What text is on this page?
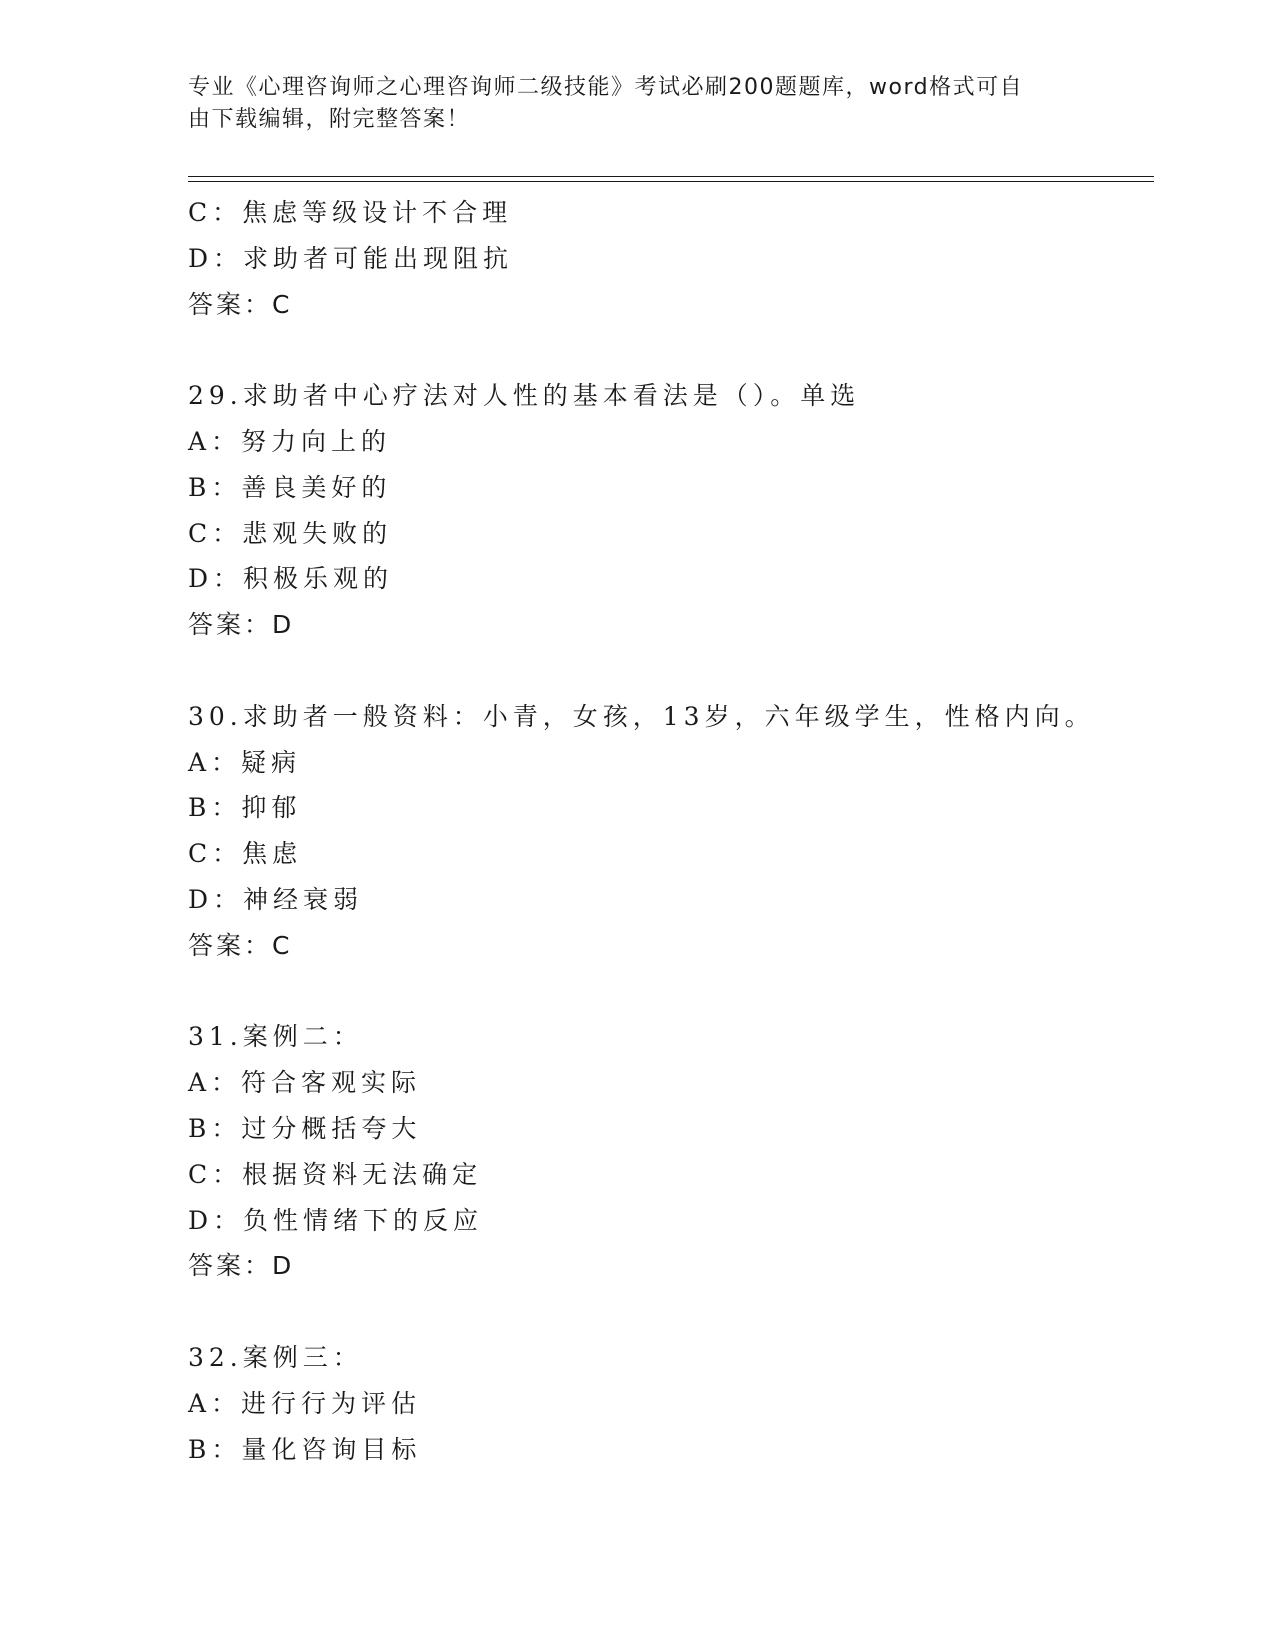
专业《心理咨询师之心理咨询师二级技能》考试必刷200题题库，word格式可自
由下载编辑，附完整答案！
C：焦虑等级设计不合理
D：求助者可能出现阻抗
答案：C
29.求助者中心疗法对人性的基本看法是（）。单选
A：努力向上的
B：善良美好的
C：悲观失败的
D：积极乐观的
答案：D
30.求助者一般资料：小青，女孩，13岁，六年级学生，性格内向。
A：疑病
B：抑郁
C：焦虑
D：神经衰弱
答案：C
31.案例二：
A：符合客观实际
B：过分概括夸大
C：根据资料无法确定
D：负性情绪下的反应
答案：D
32.案例三：
A：进行行为评估
B：量化咨询目标
